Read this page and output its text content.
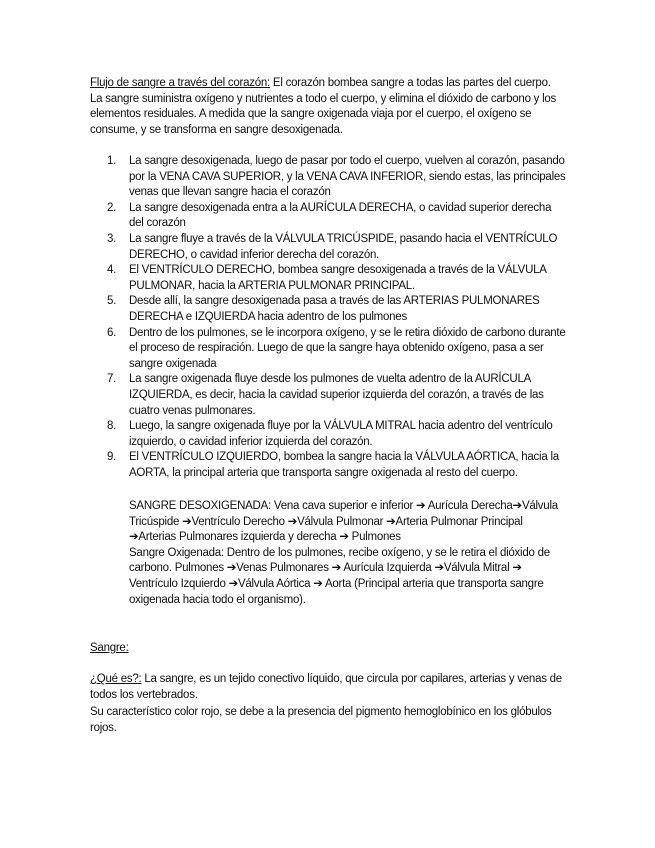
Flujo de sangre a través del corazón: El corazón bombea sangre a todas las partes del cuerpo. La sangre suministra oxígeno y nutrientes a todo el cuerpo, y elimina el dióxido de carbono y los elementos residuales. A medida que la sangre oxigenada viaja por el cuerpo, el oxígeno se consume, y se transforma en sangre desoxigenada.
1. La sangre desoxigenada, luego de pasar por todo el cuerpo, vuelven al corazón, pasando por la VENA CAVA SUPERIOR, y la VENA CAVA INFERIOR, siendo estas, las principales venas que llevan sangre hacia el corazón
2. La sangre desoxigenada entra a la AURÍCULA DERECHA, o cavidad superior derecha del corazón
3. La sangre fluye a través de la VÁLVULA TRICÚSPIDE, pasando hacia el VENTRÍCULO DERECHO, o cavidad inferior derecha del corazón.
4. El VENTRÍCULO DERECHO, bombea sangre desoxigenada a través de la VÁLVULA PULMONAR, hacia la ARTERIA PULMONAR PRINCIPAL.
5. Desde allí, la sangre desoxigenada pasa a través de las ARTERIAS PULMONARES DERECHA e IZQUIERDA hacia adentro de los pulmones
6. Dentro de los pulmones, se le incorpora oxígeno, y se le retira dióxido de carbono durante el proceso de respiración. Luego de que la sangre haya obtenido oxígeno, pasa a ser sangre oxigenada
7. La sangre oxigenada fluye desde los pulmones de vuelta adentro de la AURÍCULA IZQUIERDA, es decir, hacia la cavidad superior izquierda del corazón, a través de las cuatro venas pulmonares.
8. Luego, la sangre oxigenada fluye por la VÁLVULA MITRAL hacia adentro del ventrículo izquierdo, o cavidad inferior izquierda del corazón.
9. El VENTRÍCULO IZQUIERDO, bombea la sangre hacia la VÁLVULA AÓRTICA, hacia la AORTA, la principal arteria que transporta sangre oxigenada al resto del cuerpo.

SANGRE DESOXIGENADA: Vena cava superior e inferior ➔ Aurícula Derecha➔Válvula Tricúspide ➔Ventrículo Derecho ➔Válvula Pulmonar ➔Arteria Pulmonar Principal ➔Arterias Pulmonares izquierda y derecha ➔ Pulmones

Sangre Oxigenada: Dentro de los pulmones, recibe oxígeno, y se le retira el dióxido de carbono. Pulmones ➔Venas Pulmonares ➔ Aurícula Izquierda ➔Válvula Mitral ➔ Ventrículo Izquierdo ➔Válvula Aórtica ➔ Aorta (Principal arteria que transporta sangre oxigenada hacia todo el organismo).

Sangre:
¿Qué es?: La sangre, es un tejido conectivo líquido, que circula por capilares, arterias y venas de todos los vertebrados.
Su característico color rojo, se debe a la presencia del pigmento hemoglobínico en los glóbulos rojos.
